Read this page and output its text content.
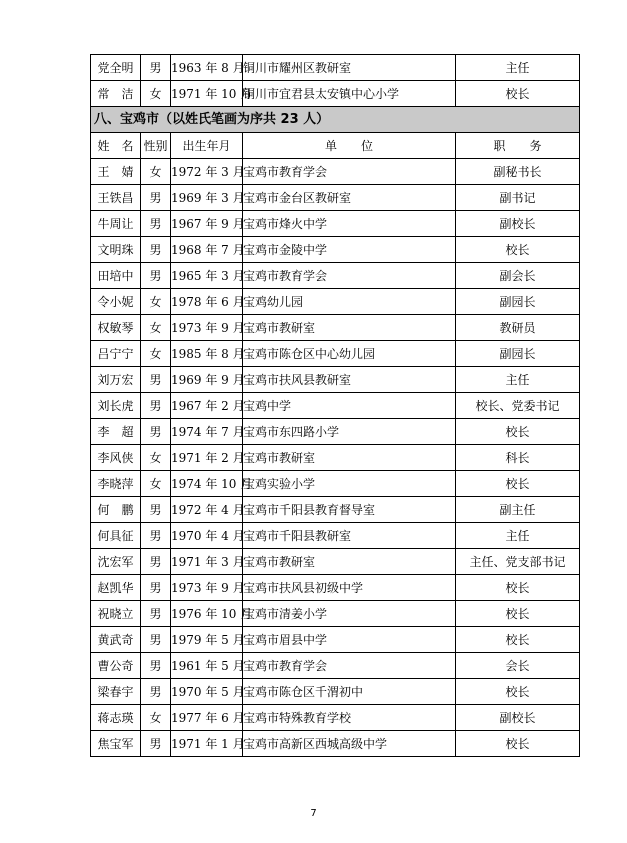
党全明	男	1963 年 8 月	铜川市耀州区教研室	主任
常　洁	女	1971 年 10 月	铜川市宜君县太安镇中心小学	校长
八、宝鸡市（以姓氏笔画为序共 23 人）				
姓　名	性别	出生年月	单　　位	职　　务
王　婧	女	1972 年 3 月	宝鸡市教育学会	副秘书长
王铁昌	男	1969 年 3 月	宝鸡市金台区教研室	副书记
牛周让	男	1967 年 9 月	宝鸡市烽火中学	副校长
文明珠	男	1968 年 7 月	宝鸡市金陵中学	校长
田培中	男	1965 年 3 月	宝鸡市教育学会	副会长
令小妮	女	1978 年 6 月	宝鸡幼儿园	副园长
权敏琴	女	1973 年 9 月	宝鸡市教研室	教研员
吕宁宁	女	1985 年 8 月	宝鸡市陈仓区中心幼儿园	副园长
刘万宏	男	1969 年 9 月	宝鸡市扶风县教研室	主任
刘长虎	男	1967 年 2 月	宝鸡中学	校长、党委书记
李　超	男	1974 年 7 月	宝鸡市东四路小学	校长
李风侠	女	1971 年 2 月	宝鸡市教研室	科长
李晓萍	女	1974 年 10 月	宝鸡实验小学	校长
何　鹏	男	1972 年 4 月	宝鸡市千阳县教育督导室	副主任
何具征	男	1970 年 4 月	宝鸡市千阳县教研室	主任
沈宏军	男	1971 年 3 月	宝鸡市教研室	主任、党支部书记
赵凯华	男	1973 年 9 月	宝鸡市扶风县初级中学	校长
祝晓立	男	1976 年 10 月	宝鸡市清姜小学	校长
黄武奇	男	1979 年 5 月	宝鸡市眉县中学	校长
曹公奇	男	1961 年 5 月	宝鸡市教育学会	会长
梁春宇	男	1970 年 5 月	宝鸡市陈仓区千渭初中	校长
蒋志瑛	女	1977 年 6 月	宝鸡市特殊教育学校	副校长
焦宝军	男	1971 年 1 月	宝鸡市高新区西城高级中学	校长
7
